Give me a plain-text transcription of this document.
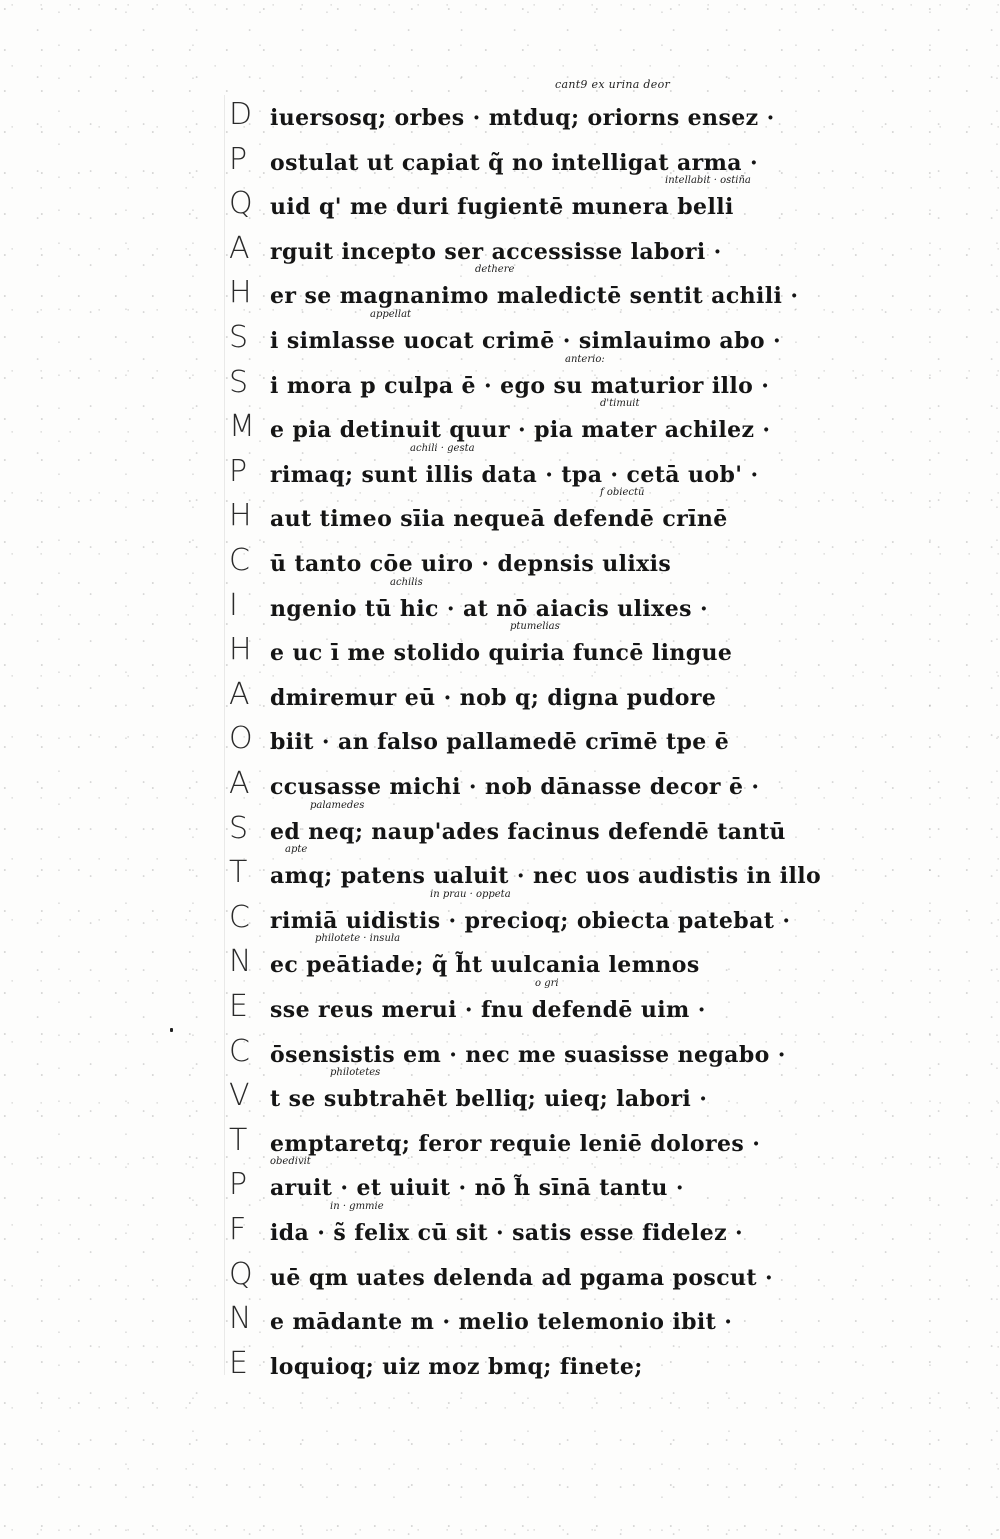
cant9 ex urina deor
D iuersosq; orbes · mtduq; oriorns ensez ·
P	ostulat ut capiat q̃ no intelligat arma ·
Q uid q' me duri fugientē munera belli
intellabit · ostiña
A rguit incepto ser accessisse labori ·
H er se magnanimo maledictē sentit achili ·
dethere
S i simlasse uocat crimē · simlauimo abo ·
appellat
S i mora p culpa ē · ego su maturior illo ·
anterio:
M e pia detinuit quur · pia mater achilez ·
d'timuit
P	rimaq; sunt illis data · tpa · cetā uob' ·
achili · gesta
H aut timeo sīia nequeā defendē crīnē
f obiectū
C ū tanto cōe uiro · depnsis ulixis
I	ngenio tū hic · at nō aiacis ulixes ·
achilis
H e uc ī me stolido quiria funcē lingue
ptumelias
A dmiremur eū · nob q; digna pudore
O biit · an falso pallamedē crīmē tpe ē
A ccusasse michi · nob dānasse decor ē ·
S ed neq; naup'ades facinus defendē tantū
palamedes
T	amq; patens ualuit · nec uos audistis in illo
apte
C rimiā uidistis · precioq; obiecta patebat ·
in prau · oppeta
N ec peātiade; q̃ h̃t uulcania lemnos
philotete · insula
E	sse reus merui · fnu defendē uim ·
o gri
C ōsensistis em · nec me suasisse negabo ·
V t se subtrahēt belliq; uieq; labori ·
philotetes
T	emptaretq; feror requie leniē dolores ·
P	aruit · et uiuit · nō h̃ sīnā tantu ·
obedivit
F	ida · s̃ felix cū sit · satis esse fidelez ·
in · gmmie
Q uē qm uates delenda ad pgama poscut ·
N e mādante m · melio telemonio ibit ·
E	loquioq; uiz moz bmq; finete;
